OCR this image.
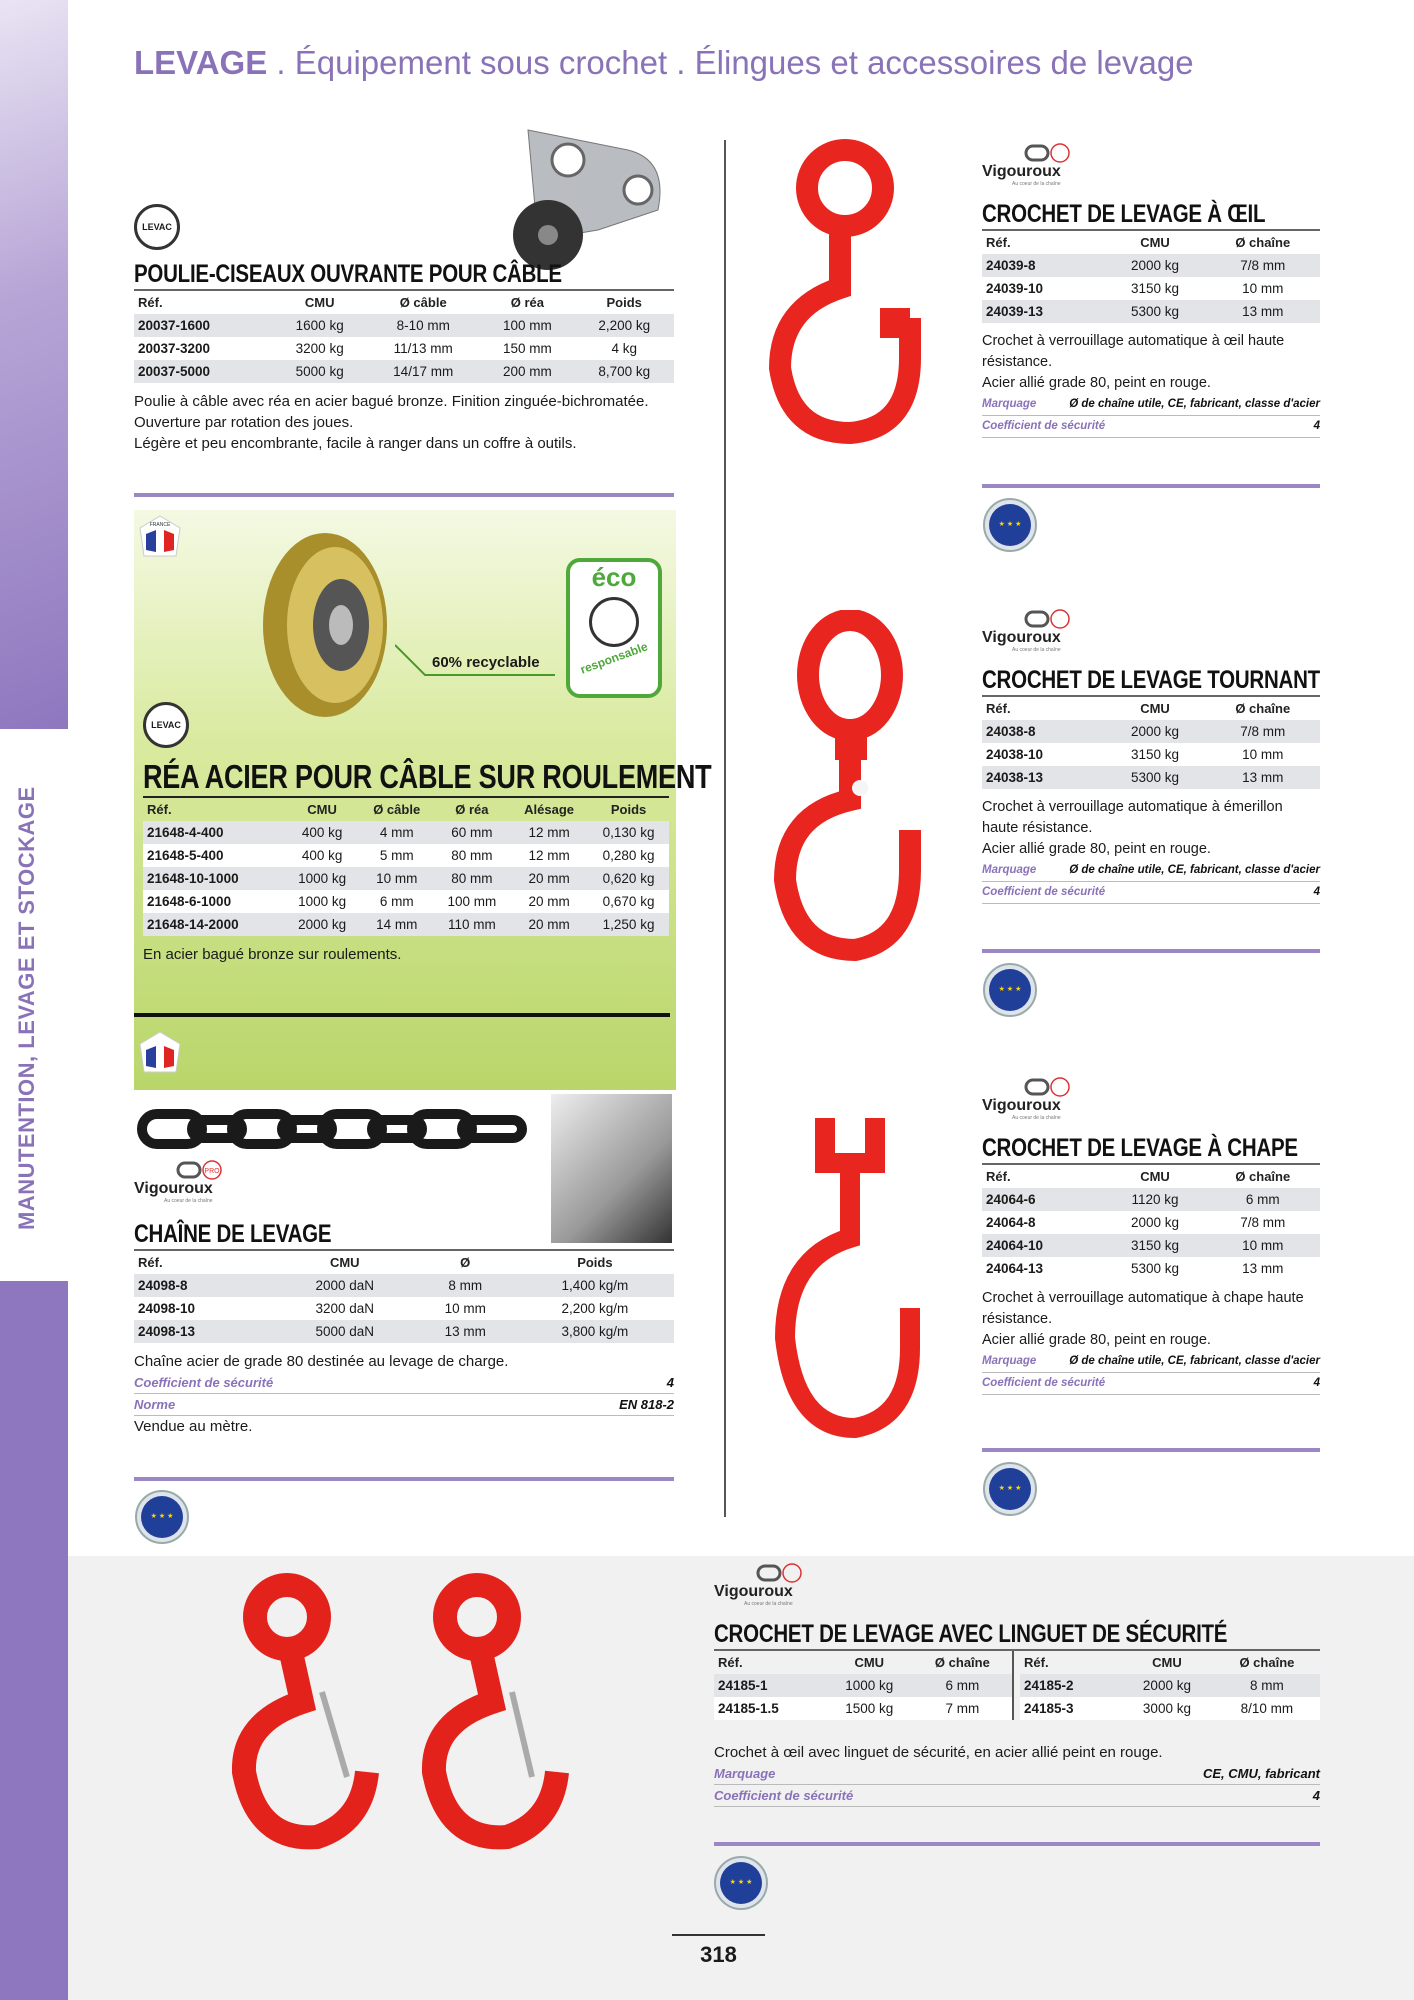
MANUTENTION, LEVAGE ET STOCKAGE
LEVAGE . Équipement sous crochet . Élingues et accessoires de levage
LEVAC
POULIE-CISEAUX OUVRANTE POUR CÂBLE
Réf.	CMU	Ø câble	Ø réa	Poids
20037-1600	1600 kg	8-10 mm	100 mm	2,200 kg
20037-3200	3200 kg	11/13 mm	150 mm	4 kg
20037-5000	5000 kg	14/17 mm	200 mm	8,700 kg
Poulie à câble avec réa en acier bagué bronze. Finition zinguée-bichromatée.
Ouverture par rotation des joues.
Légère et peu encombrante, facile à ranger dans un coffre à outils.
FRANCE
60% recyclable
éco
responsable
LEVAC
RÉA ACIER POUR CÂBLE SUR ROULEMENT
Réf.	CMU	Ø câble	Ø réa	Alésage	Poids
21648-4-400	400 kg	4 mm	60 mm	12 mm	0,130 kg
21648-5-400	400 kg	5 mm	80 mm	12 mm	0,280 kg
21648-10-1000	1000 kg	10 mm	80 mm	20 mm	0,620 kg
21648-6-1000	1000 kg	6 mm	100 mm	20 mm	0,670 kg
21648-14-2000	2000 kg	14 mm	110 mm	20 mm	1,250 kg
En acier bagué bronze sur roulements.
PRO
Vigouroux
Au coeur de la chaîne
CHAÎNE DE LEVAGE
Réf.	CMU	Ø	Poids
24098-8	2000 daN	8 mm	1,400 kg/m
24098-10	3200 daN	10 mm	2,200 kg/m
24098-13	5000 daN	13 mm	3,800 kg/m
Chaîne acier de grade 80 destinée au levage de charge.
Coefficient de sécurité	4
Norme	EN 818-2
Vendue au mètre.
★ ★ ★
Vigouroux
Au coeur de la chaîne
CROCHET DE LEVAGE À ŒIL
Réf.	CMU	Ø chaîne
24039-8	2000 kg	7/8 mm
24039-10	3150 kg	10 mm
24039-13	5300 kg	13 mm
Crochet à verrouillage automatique à œil haute résistance.
Acier allié grade 80, peint en rouge.
Marquage	Ø de chaîne utile, CE, fabricant, classe d'acier
Coefficient de sécurité	4
Vigouroux
Au coeur de la chaîne
CROCHET DE LEVAGE TOURNANT
Réf.	CMU	Ø chaîne
24038-8	2000 kg	7/8 mm
24038-10	3150 kg	10 mm
24038-13	5300 kg	13 mm
Crochet à verrouillage automatique à émerillon haute résistance.
Acier allié grade 80, peint en rouge.
Marquage	Ø de chaîne utile, CE, fabricant, classe d'acier
Coefficient de sécurité	4
Vigouroux
Au coeur de la chaîne
CROCHET DE LEVAGE À CHAPE
Réf.	CMU	Ø chaîne
24064-6	1120 kg	6 mm
24064-8	2000 kg	7/8 mm
24064-10	3150 kg	10 mm
24064-13	5300 kg	13 mm
Crochet à verrouillage automatique à chape haute résistance.
Acier allié grade 80, peint en rouge.
Marquage	Ø de chaîne utile, CE, fabricant, classe d'acier
Coefficient de sécurité	4
★ ★ ★
★ ★ ★
★ ★ ★
Vigouroux
Au coeur de la chaîne
CROCHET DE LEVAGE AVEC LINGUET DE SÉCURITÉ
Réf.	CMU	Ø chaîne
24185-1	1000 kg	6 mm
24185-1.5	1500 kg	7 mm
Réf.	CMU	Ø chaîne
24185-2	2000 kg	8 mm
24185-3	3000 kg	8/10 mm
Crochet à œil avec linguet de sécurité, en acier allié peint en rouge.
Marquage	CE, CMU, fabricant
Coefficient de sécurité	4
★ ★ ★
318
